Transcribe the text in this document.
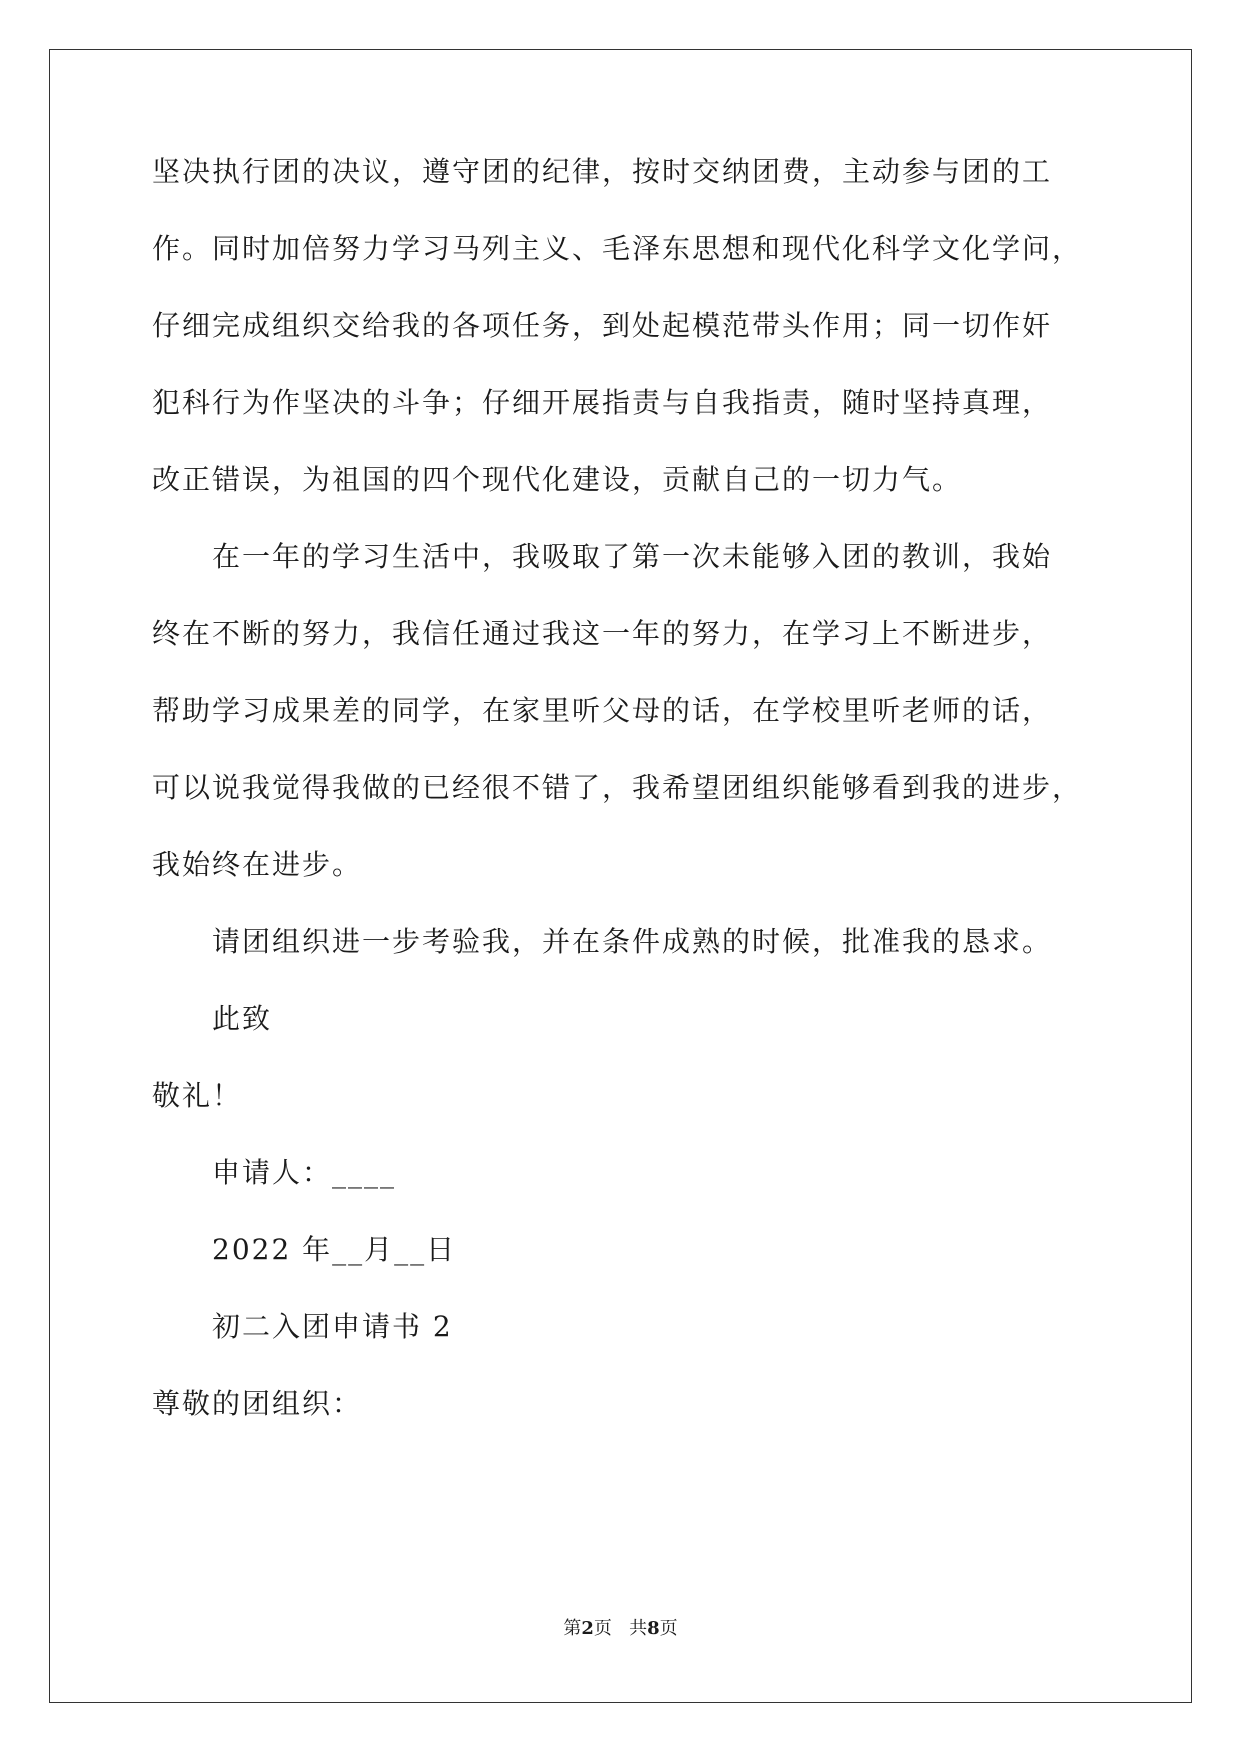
坚决执行团的决议，遵守团的纪律，按时交纳团费，主动参与团的工
作。同时加倍努力学习马列主义、毛泽东思想和现代化科学文化学问，
仔细完成组织交给我的各项任务，到处起模范带头作用；同一切作奸
犯科行为作坚决的斗争；仔细开展指责与自我指责，随时坚持真理，
改正错误，为祖国的四个现代化建设，贡献自己的一切力气。
在一年的学习生活中，我吸取了第一次未能够入团的教训，我始
终在不断的努力，我信任通过我这一年的努力，在学习上不断进步，
帮助学习成果差的同学，在家里听父母的话，在学校里听老师的话，
可以说我觉得我做的已经很不错了，我希望团组织能够看到我的进步，
我始终在进步。
请团组织进一步考验我，并在条件成熟的时候，批准我的恳求。
此致
敬礼！
申请人：____
2022 年__月__日
初二入团申请书 2
尊敬的团组织：
第2页 共8页
